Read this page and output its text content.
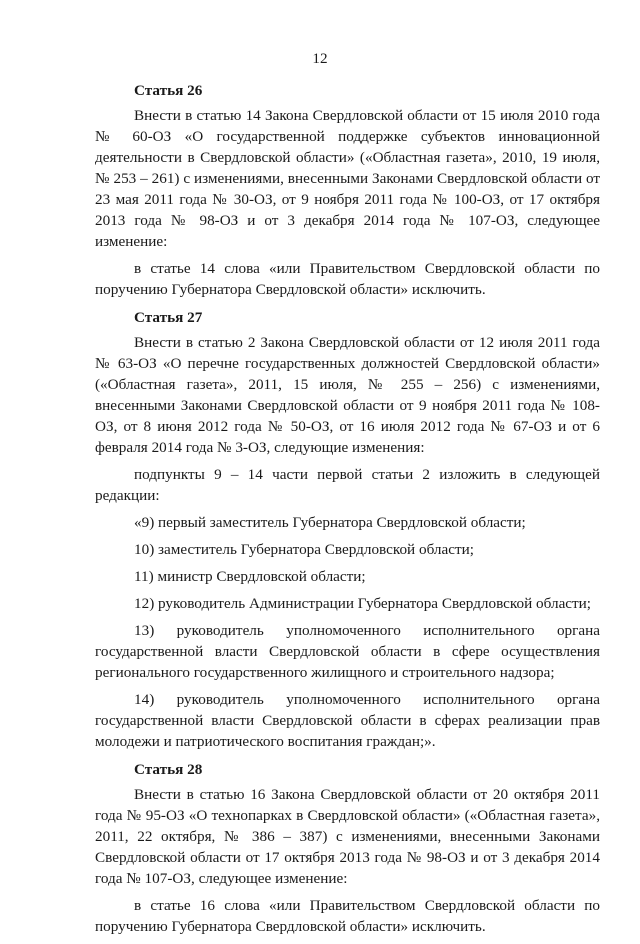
12

Статья 26

Внести в статью 14 Закона Свердловской области от 15 июля 2010 года № 60-ОЗ «О государственной поддержке субъектов инновационной деятельности в Свердловской области» («Областная газета», 2010, 19 июля, № 253 – 261) с изменениями, внесенными Законами Свердловской области от 23 мая 2011 года № 30-ОЗ, от 9 ноября 2011 года № 100-ОЗ, от 17 октября 2013 года № 98-ОЗ и от 3 декабря 2014 года № 107-ОЗ, следующее изменение:

в статье 14 слова «или Правительством Свердловской области по поручению Губернатора Свердловской области» исключить.

Статья 27

Внести в статью 2 Закона Свердловской области от 12 июля 2011 года № 63-ОЗ «О перечне государственных должностей Свердловской области» («Областная газета», 2011, 15 июля, № 255 – 256) с изменениями, внесенными Законами Свердловской области от 9 ноября 2011 года № 108-ОЗ, от 8 июня 2012 года № 50-ОЗ, от 16 июля 2012 года № 67-ОЗ и от 6 февраля 2014 года № 3-ОЗ, следующие изменения:

подпункты 9 – 14 части первой статьи 2 изложить в следующей редакции:

«9) первый заместитель Губернатора Свердловской области;

10) заместитель Губернатора Свердловской области;

11) министр Свердловской области;

12) руководитель Администрации Губернатора Свердловской области;

13) руководитель уполномоченного исполнительного органа государственной власти Свердловской области в сфере осуществления регионального государственного жилищного и строительного надзора;

14) руководитель уполномоченного исполнительного органа государственной власти Свердловской области в сферах реализации прав молодежи и патриотического воспитания граждан;».

Статья 28

Внести в статью 16 Закона Свердловской области от 20 октября 2011 года № 95-ОЗ «О технопарках в Свердловской области» («Областная газета», 2011, 22 октября, № 386 – 387) с изменениями, внесенными Законами Свердловской области от 17 октября 2013 года № 98-ОЗ и от 3 декабря 2014 года № 107-ОЗ, следующее изменение:

в статье 16 слова «или Правительством Свердловской области по поручению Губернатора Свердловской области» исключить.
